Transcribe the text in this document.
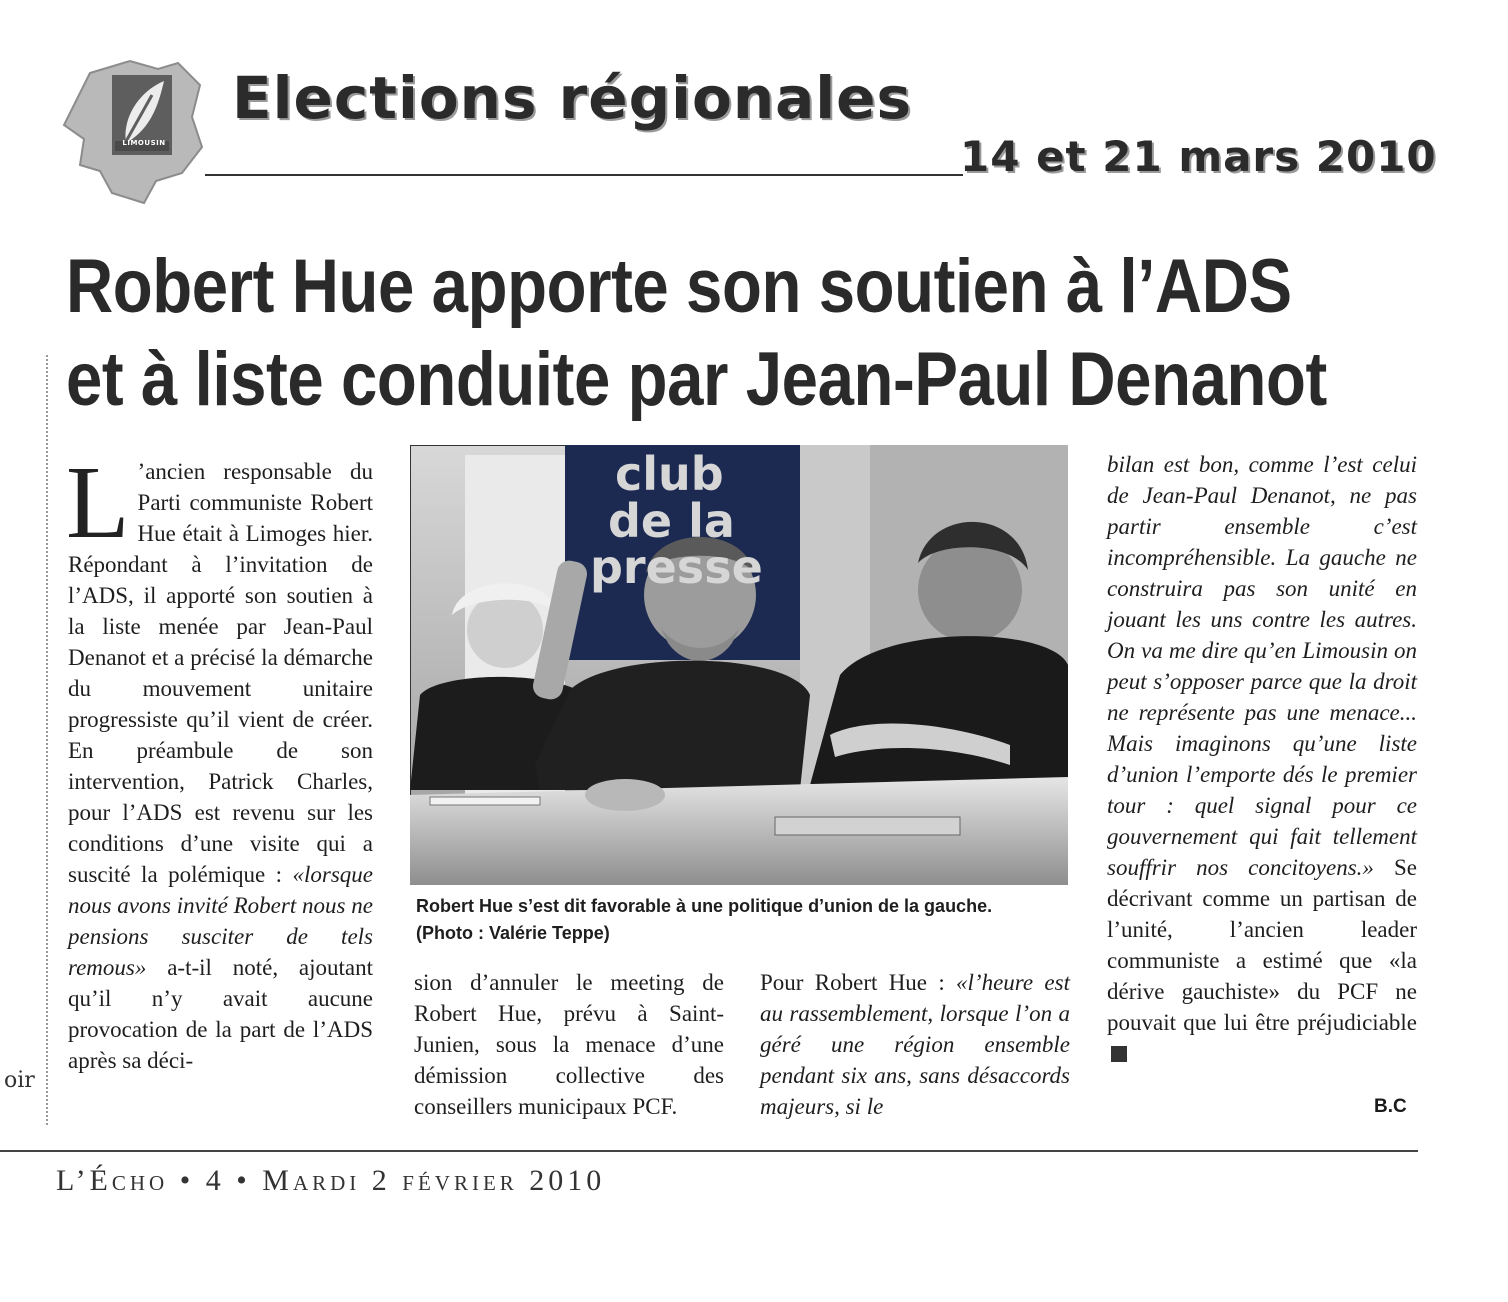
LIMOUSIN
Elections régionales
14 et 21 mars 2010
Robert Hue apporte son soutien à l’ADS
et à liste conduite par Jean-Paul Denanot
oir
L ’ancien responsable du Parti communiste Robert Hue était à Limoges hier. Répondant à l’invitation de l’ADS, il apporté son soutien à la liste menée par Jean-Paul Denanot et a précisé la démarche du mouvement unitaire progressiste qu’il vient de créer. En préambule de son intervention, Patrick Charles, pour l’ADS est revenu sur les conditions d’une visite qui a suscité la polémique : «lorsque nous avons invité Robert nous ne pensions susciter de tels remous» a-t-il noté, ajoutant qu’il n’y avait aucune provocation de la part de l’ADS après sa déci-
club
de la
presse
Robert Hue s’est dit favorable à une politique d’union de la gauche.
(Photo : Valérie Teppe)
sion d’annuler le meeting de Robert Hue, prévu à Saint-Junien, sous la menace d’une démission collective des conseillers municipaux PCF.
Pour Robert Hue : «l’heure est au rassemblement, lorsque l’on a géré une région ensemble pendant six ans, sans désaccords majeurs, si le
bilan est bon, comme l’est celui de Jean-Paul Denanot, ne pas partir ensemble c’est incompréhensible. La gauche ne construira pas son unité en jouant les uns contre les autres. On va me dire qu’en Limousin on peut s’opposer parce que la droit ne représente pas une menace... Mais imaginons qu’une liste d’union l’emporte dés le premier tour : quel signal pour ce gouvernement qui fait tellement souffrir nos concitoyens.» Se décrivant comme un partisan de l’unité, l’ancien leader communiste a estimé que «la dérive gauchiste» du PCF ne pouvait que lui être préjudiciable
B.C
L’Écho • 4 • Mardi 2 février 2010
